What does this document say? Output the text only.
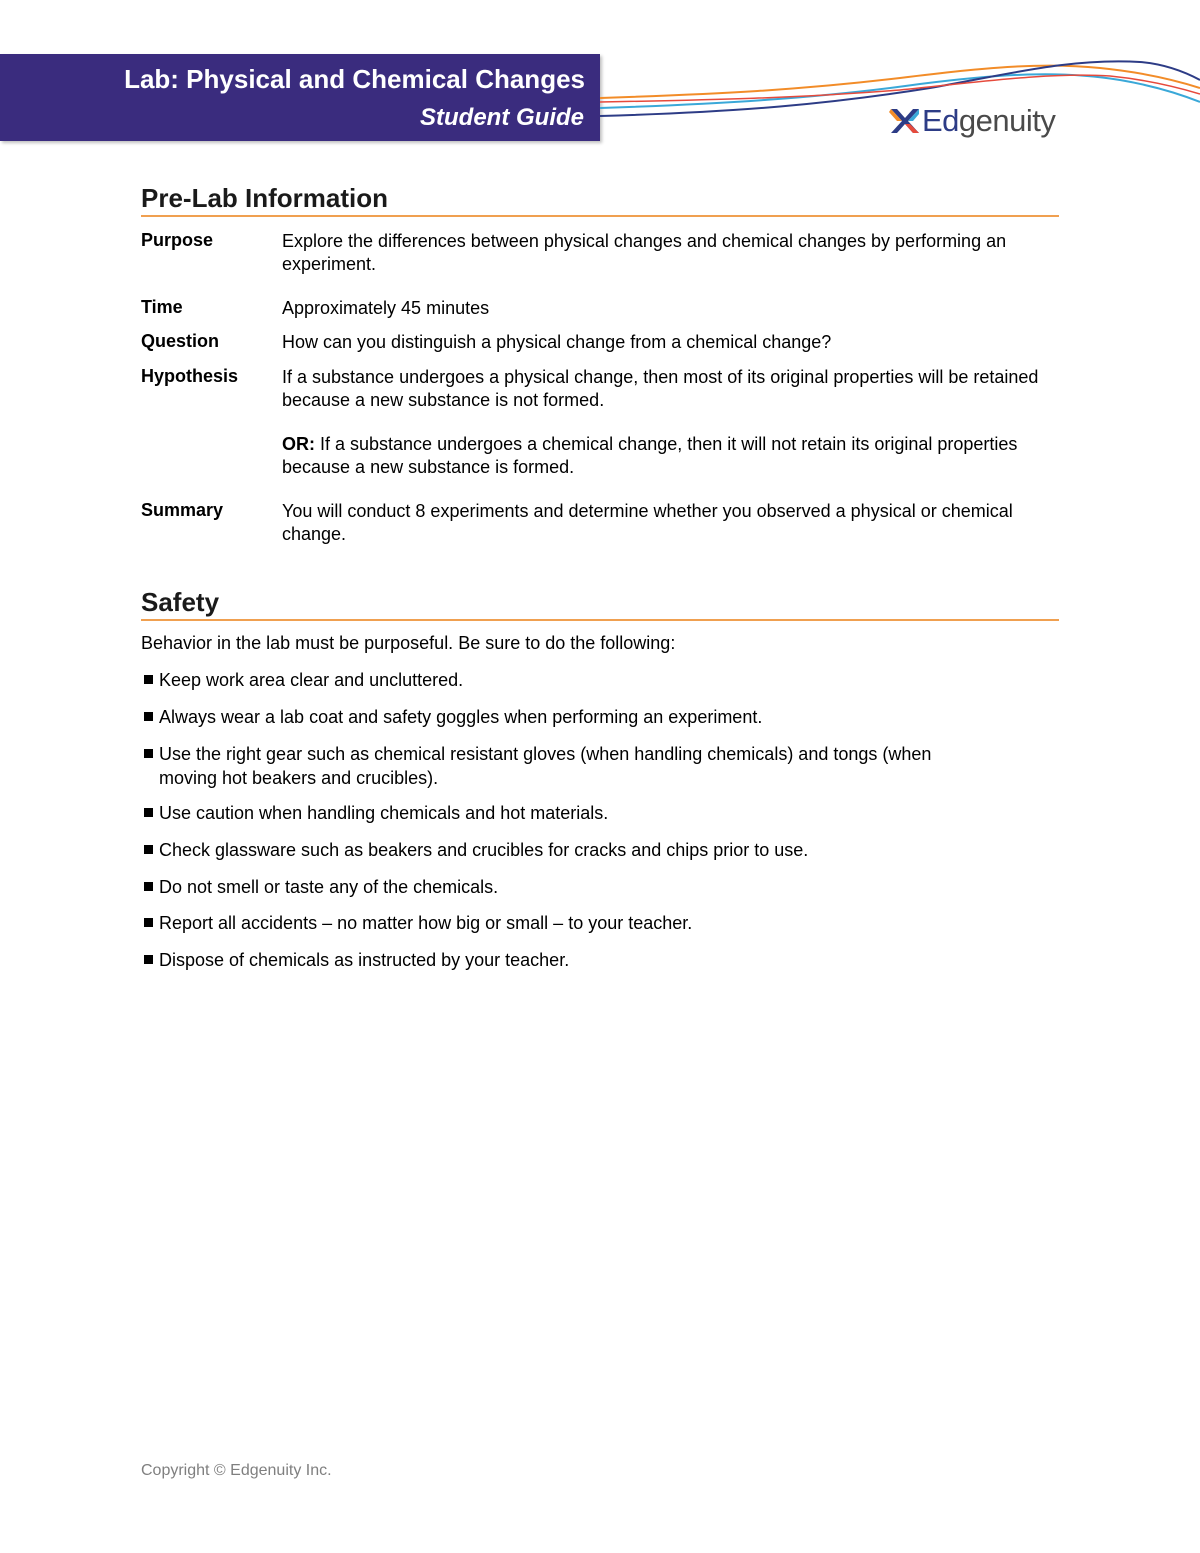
Lab: Physical and Chemical Changes
Student Guide	Edgenuity
Pre-Lab Information
Purpose	Explore the differences between physical changes and chemical changes by performing an experiment.
Time	Approximately 45 minutes
Question	How can you distinguish a physical change from a chemical change?
Hypothesis If a substance undergoes a physical change, then most of its original properties will be retained because a new substance is not formed.
OR: If a substance undergoes a chemical change, then it will not retain its original properties because a new substance is formed.
Summary	You will conduct 8 experiments and determine whether you observed a physical or chemical change.
Safety
Behavior in the lab must be purposeful. Be sure to do the following:
Keep work area clear and uncluttered.
Always wear a lab coat and safety goggles when performing an experiment.
Use the right gear such as chemical resistant gloves (when handling chemicals) and tongs (when moving hot beakers and crucibles).
Use caution when handling chemicals and hot materials.
Check glassware such as beakers and crucibles for cracks and chips prior to use.
Do not smell or taste any of the chemicals.
Report all accidents – no matter how big or small – to your teacher.
Dispose of chemicals as instructed by your teacher.
Copyright © Edgenuity Inc.
